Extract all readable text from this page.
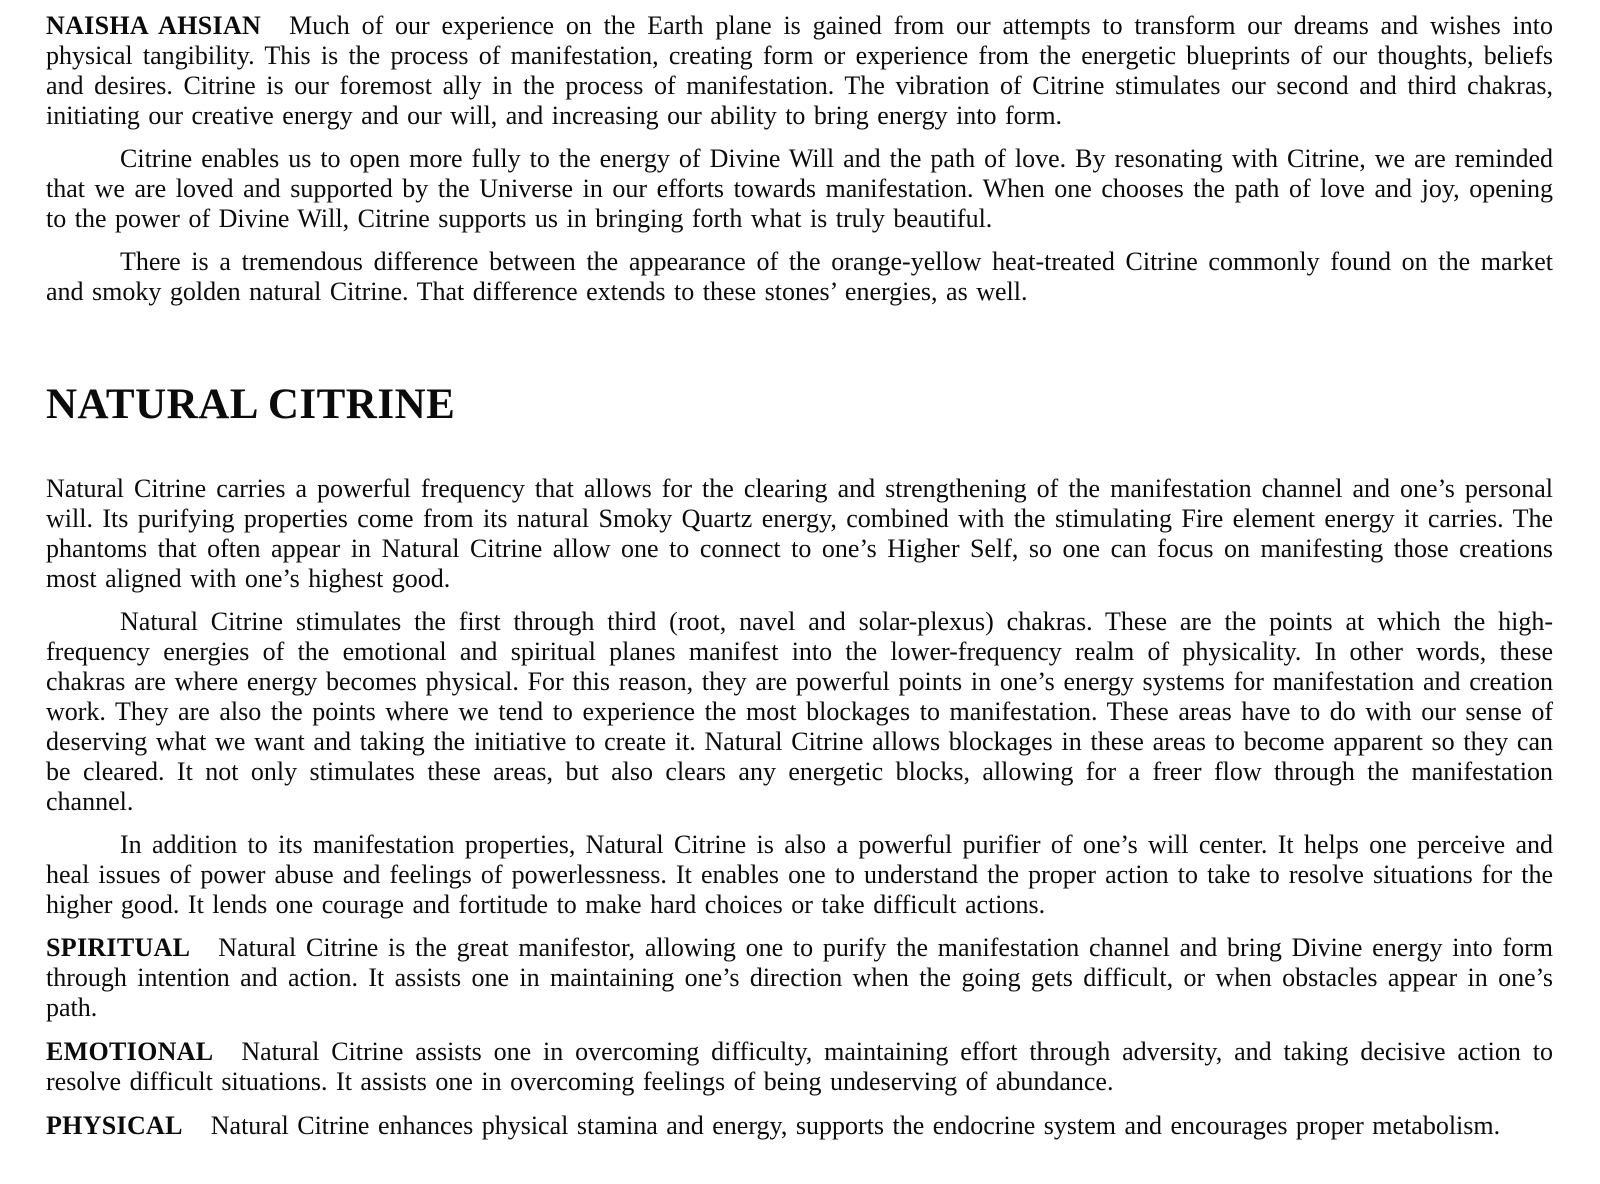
NAISHA AHSIAN Much of our experience on the Earth plane is gained from our attempts to transform our dreams and wishes into physical tangibility. This is the process of manifestation, creating form or experience from the energetic blueprints of our thoughts, beliefs and desires. Citrine is our foremost ally in the process of manifestation. The vibration of Citrine stimulates our second and third chakras, initiating our creative energy and our will, and increasing our ability to bring energy into form.

Citrine enables us to open more fully to the energy of Divine Will and the path of love. By resonating with Citrine, we are reminded that we are loved and supported by the Universe in our efforts towards manifestation. When one chooses the path of love and joy, opening to the power of Divine Will, Citrine supports us in bringing forth what is truly beautiful.

There is a tremendous difference between the appearance of the orange-yellow heat-treated Citrine commonly found on the market and smoky golden natural Citrine. That difference extends to these stones’ energies, as well.

NATURAL CITRINE

Natural Citrine carries a powerful frequency that allows for the clearing and strengthening of the manifestation channel and one’s personal will. Its purifying properties come from its natural Smoky Quartz energy, combined with the stimulating Fire element energy it carries. The phantoms that often appear in Natural Citrine allow one to connect to one’s Higher Self, so one can focus on manifesting those creations most aligned with one’s highest good.

Natural Citrine stimulates the first through third (root, navel and solar-plexus) chakras. These are the points at which the high-frequency energies of the emotional and spiritual planes manifest into the lower-frequency realm of physicality. In other words, these chakras are where energy becomes physical. For this reason, they are powerful points in one’s energy systems for manifestation and creation work. They are also the points where we tend to experience the most blockages to manifestation. These areas have to do with our sense of deserving what we want and taking the initiative to create it. Natural Citrine allows blockages in these areas to become apparent so they can be cleared. It not only stimulates these areas, but also clears any energetic blocks, allowing for a freer flow through the manifestation channel.

In addition to its manifestation properties, Natural Citrine is also a powerful purifier of one’s will center. It helps one perceive and heal issues of power abuse and feelings of powerlessness. It enables one to understand the proper action to take to resolve situations for the higher good. It lends one courage and fortitude to make hard choices or take difficult actions.

SPIRITUAL Natural Citrine is the great manifestor, allowing one to purify the manifestation channel and bring Divine energy into form through intention and action. It assists one in maintaining one’s direction when the going gets difficult, or when obstacles appear in one’s path.

EMOTIONAL Natural Citrine assists one in overcoming difficulty, maintaining effort through adversity, and taking decisive action to resolve difficult situations. It assists one in overcoming feelings of being undeserving of abundance.

PHYSICAL Natural Citrine enhances physical stamina and energy, supports the endocrine system and encourages proper metabolism.
